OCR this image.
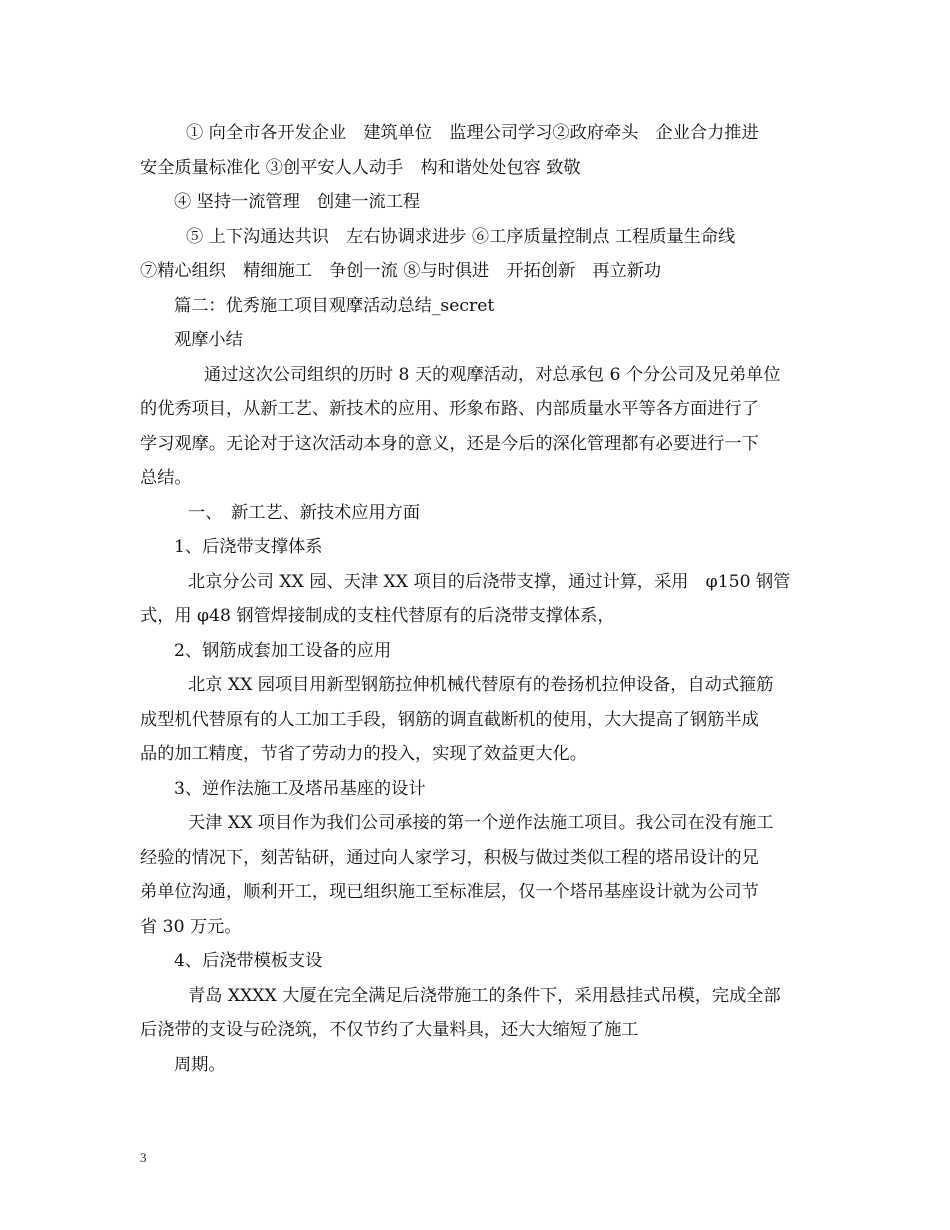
① 向全市各开发企业　建筑单位　监理公司学习②政府牵头　企业合力推进
安全质量标准化 ③创平安人人动手　构和谐处处包容 致敬
④ 坚持一流管理　创建一流工程
⑤ 上下沟通达共识　左右协调求进步 ⑥工序质量控制点 工程质量生命线
⑦精心组织　精细施工　争创一流 ⑧与时俱进　开拓创新　再立新功
篇二：优秀施工项目观摩活动总结_secret
观摩小结
通过这次公司组织的历时 8 天的观摩活动，对总承包 6 个分公司及兄弟单位
的优秀项目，从新工艺、新技术的应用、形象布路、内部质量水平等各方面进行了
学习观摩。无论对于这次活动本身的意义，还是今后的深化管理都有必要进行一下
总结。
一、　新工艺、新技术应用方面
1、后浇带支撑体系
北京分公司 XX 园、天津 XX 项目的后浇带支撑，通过计算，采用　φ150 钢管
式，用 φ48 钢管焊接制成的支柱代替原有的后浇带支撑体系，
2、钢筋成套加工设备的应用
北京 XX 园项目用新型钢筋拉伸机械代替原有的卷扬机拉伸设备，自动式箍筋
成型机代替原有的人工加工手段，钢筋的调直截断机的使用，大大提高了钢筋半成
品的加工精度，节省了劳动力的投入，实现了效益更大化。
3、逆作法施工及塔吊基座的设计
天津 XX 项目作为我们公司承接的第一个逆作法施工项目。我公司在没有施工
经验的情况下，刻苦钻研，通过向人家学习，积极与做过类似工程的塔吊设计的兄
弟单位沟通，顺利开工，现已组织施工至标准层，仅一个塔吊基座设计就为公司节
省 30 万元。
4、后浇带模板支设
青岛 XXXX 大厦在完全满足后浇带施工的条件下，采用悬挂式吊模，完成全部
后浇带的支设与砼浇筑，不仅节约了大量料具，还大大缩短了施工
周期。
3
